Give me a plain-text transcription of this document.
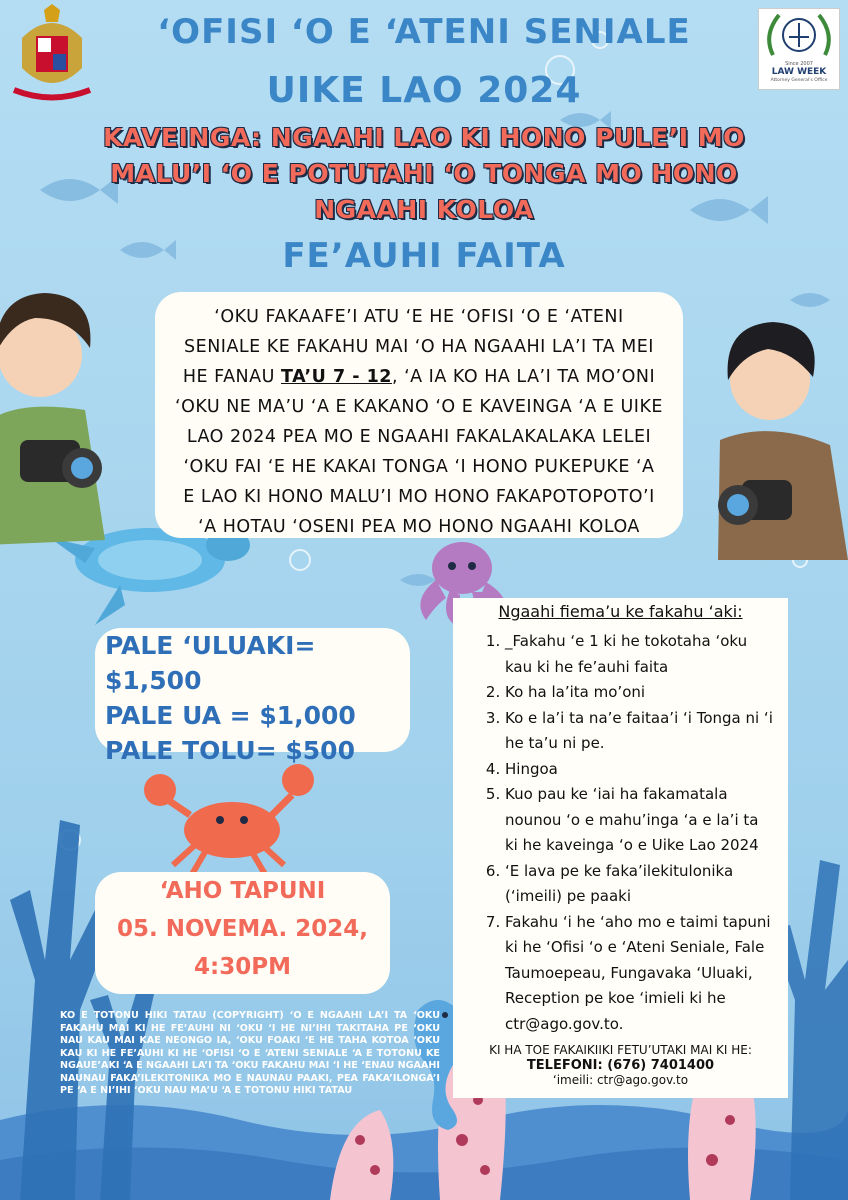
Since 2007
LAW WEEK
Attorney General’s Office
‘OFISI ‘O E ‘ATENI SENIALE
UIKE LAO 2024
KAVEINGA: NGAAHI LAO KI HONO PULE’I MO MALU’I ‘O E POTUTAHI ‘O TONGA MO HONO NGAAHI KOLOA
FE’AUHI FAITA

‘OKU FAKAAFE’I ATU ‘E HE ‘OFISI ‘O E ‘ATENI SENIALE KE FAKAHU MAI ‘O HA NGAAHI LA’I TA MEI HE FANAU TA’U 7 - 12, ‘A IA KO HA LA’I TA MO’ONI ‘OKU NE MA’U ‘A E KAKANO ‘O E KAVEINGA ‘A E UIKE LAO 2024 PEA MO E NGAAHI FAKALAKALAKA LELEI ‘OKU FAI ‘E HE KAKAI TONGA ‘I HONO PUKEPUKE ‘A E LAO KI HONO MALU’I MO HONO FAKAPOTOPOTO’I ‘A HOTAU ‘OSENI PEA MO HONO NGAAHI KOLOA

PALE ‘ULUAKI= $1,500
PALE UA = $1,000
PALE TOLU= $500
‘AHO TAPUNI
05. NOVEMA. 2024,
4:30PM
Ngaahi fiema’u ke fakahu ‘aki:
1. _Fakahu ‘e 1 ki he tokotaha ‘oku kau ki he fe’auhi faita
2. Ko ha la’ita mo’oni
3. Ko e la’i ta na’e faitaa’i ‘i Tonga ni ‘i he ta’u ni pe.
4. Hingoa
5. Kuo pau ke ‘iai ha fakamatala nounou ‘o e mahu’inga ‘a e la’i ta ki he kaveinga ‘o e Uike Lao 2024
6. ‘E lava pe ke faka’ilekitulonika (‘imeili) pe paaki
7. Fakahu ‘i he ‘aho mo e taimi tapuni ki he ‘Ofisi ‘o e ‘Ateni Seniale, Fale Taumoepeau, Fungavaka ‘Uluaki, Reception pe koe ‘imieli ki he ctr@ago.gov.to.
KI HA TOE FAKAIKIIKI FETU’UTAKI MAI KI HE:
TELEFONI: (676) 7401400
‘imeili: ctr@ago.gov.to
KO E TOTONU HIKI TATAU (COPYRIGHT) ‘O E NGAAHI LA’I TA ‘OKU FAKAHU MAI KI HE FE’AUHI NI ‘OKU ‘I HE NI’IHI TAKITAHA PE ‘OKU NAU KAU MAI KAE NEONGO IA, ‘OKU FOAKI ‘E HE TAHA KOTOA ‘OKU KAU KI HE FE’AUHI KI HE ‘OFISI ‘O E ‘ATENI SENIALE ‘A E TOTONU KE NGAUE’AKI ‘A E NGAAHI LA’I TA ‘OKU FAKAHU MAI ‘I HE ‘ENAU NGAAHI NAUNAU FAKA’ILEKITONIKA MO E NAUNAU PAAKI, PEA FAKA’ILONGA’I PE ‘A E NI’IHI ‘OKU NAU MA’U ‘A E TOTONU HIKI TATAU
